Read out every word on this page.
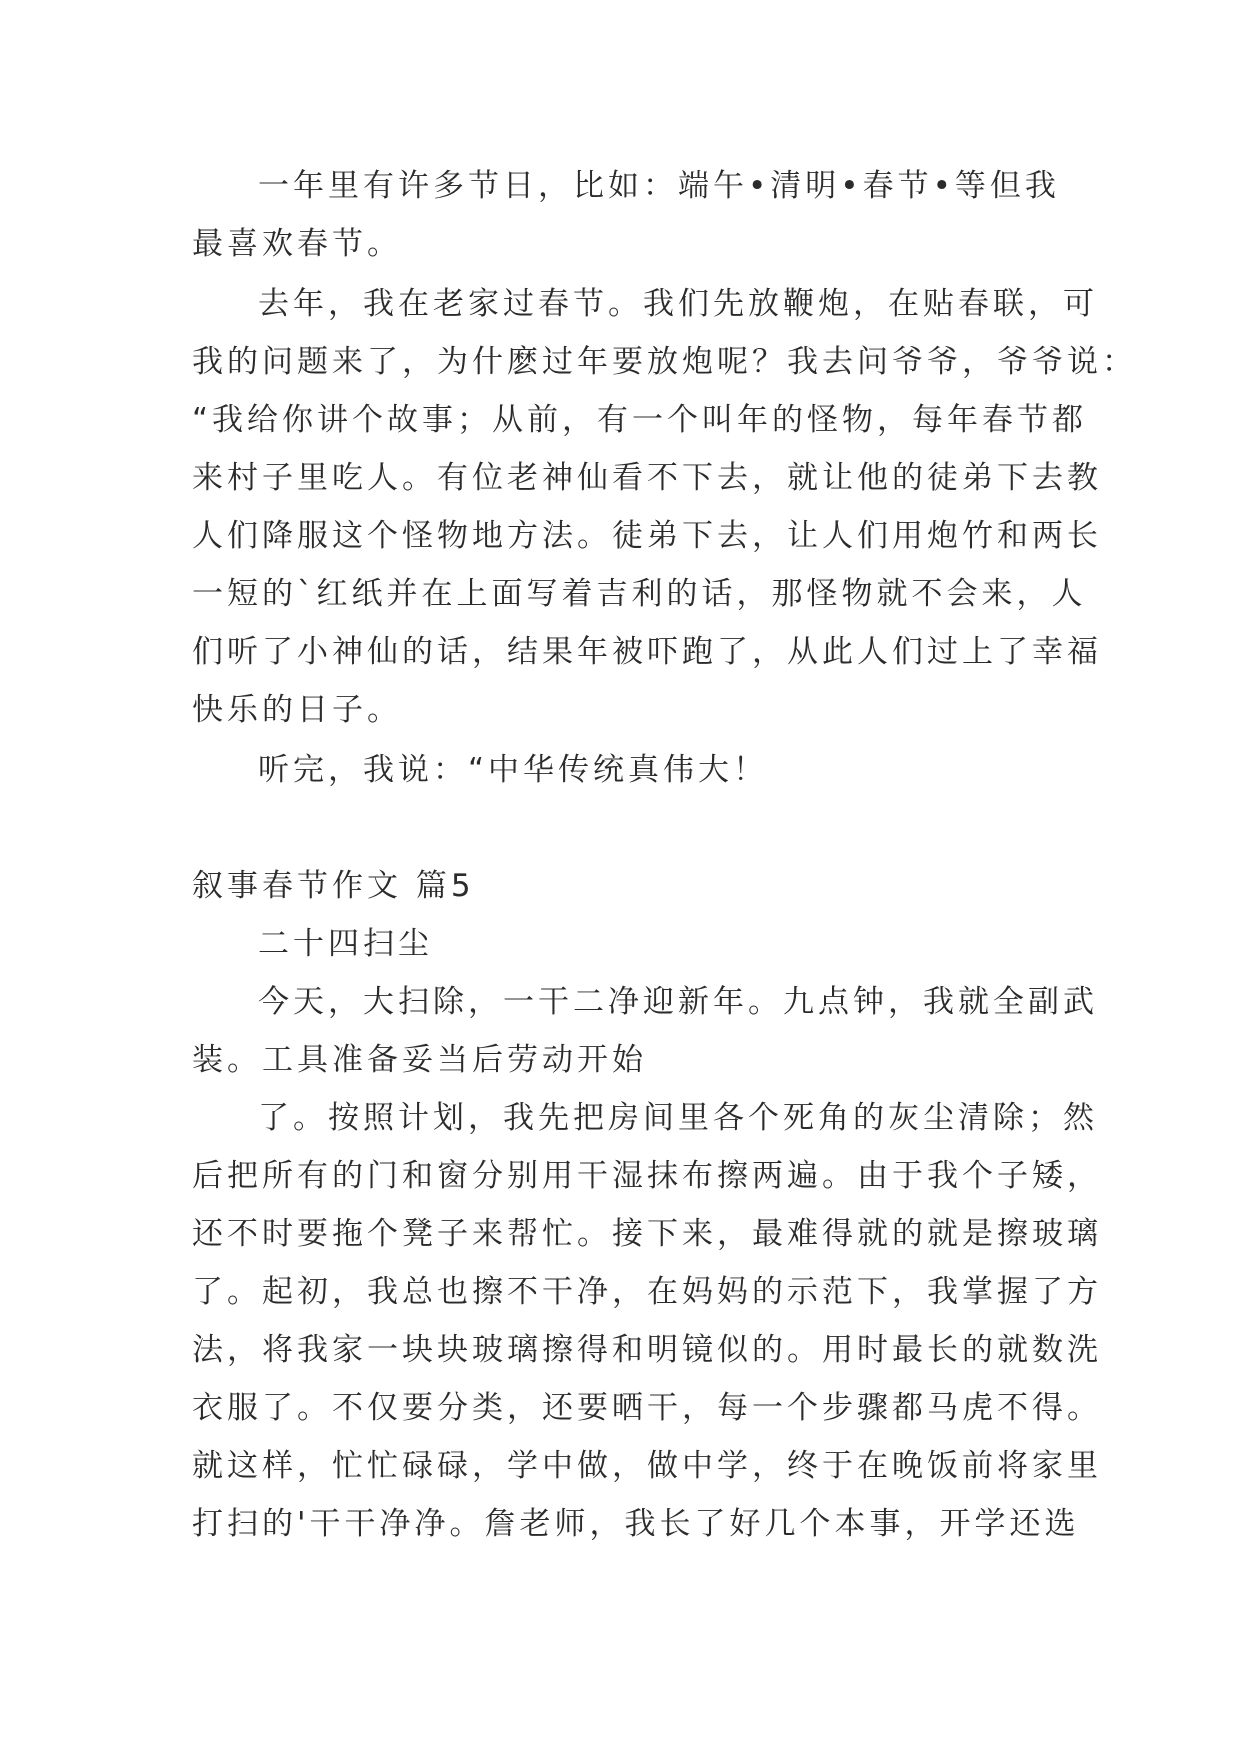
一年里有许多节日，比如：端午•清明•春节•等但我

最喜欢春节。

去年，我在老家过春节。我们先放鞭炮，在贴春联，可

我的问题来了，为什麽过年要放炮呢？我去问爷爷，爷爷说：

“我给你讲个故事；从前，有一个叫年的怪物，每年春节都

来村子里吃人。有位老神仙看不下去，就让他的徒弟下去教

人们降服这个怪物地方法。徒弟下去，让人们用炮竹和两长

一短的`红纸并在上面写着吉利的话，那怪物就不会来，人

们听了小神仙的话，结果年被吓跑了，从此人们过上了幸福

快乐的日子。

听完，我说：“中华传统真伟大！

叙事春节作文 篇5

二十四扫尘

今天，大扫除，一干二净迎新年。九点钟，我就全副武

装。工具准备妥当后劳动开始

了。按照计划，我先把房间里各个死角的灰尘清除；然

后把所有的门和窗分别用干湿抹布擦两遍。由于我个子矮，

还不时要拖个凳子来帮忙。接下来，最难得就的就是擦玻璃

了。起初，我总也擦不干净，在妈妈的示范下，我掌握了方

法，将我家一块块玻璃擦得和明镜似的。用时最长的就数洗

衣服了。不仅要分类，还要晒干，每一个步骤都马虎不得。

就这样，忙忙碌碌，学中做，做中学，终于在晚饭前将家里

打扫的'干干净净。詹老师，我长了好几个本事，开学还选
